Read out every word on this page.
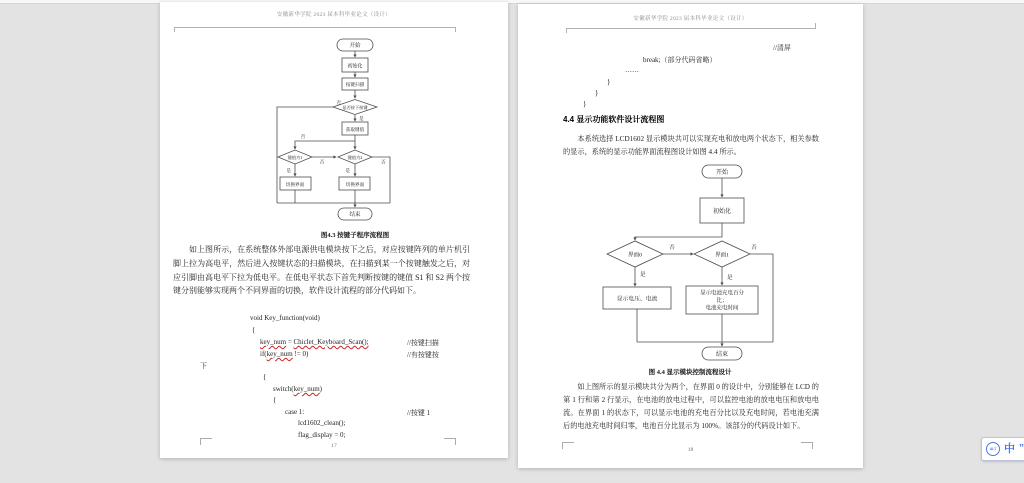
安徽新华学院 2023 届本科毕业论文（设计）
开始
初始化
按键扫描
是否按下按键
获取键值
键值为1	键值为2
切换界面	切换界面
结束
否
是
否
否	否
是	是
图4.3 按键子程序流程图
如上图所示，在系统整体外部电源供电模块按下之后，对应按键阵列的单片机引脚上拉为高电平，然后进入按键状态的扫描模块，在扫描到某一个按键触发之后，对应引脚由高电平下拉为低电平。在低电平状态下首先判断按键的键值 S1 和 S2 两个按键分别能够实现两个不同界面的切换，软件设计流程的部分代码如下。
void Key_function(void)
{
key_num = Chiclet_Keyboard_Scan();	//按键扫描
if(key_num != 0)	//有按键按
下
{
switch(key_num)
{
case 1:	//按键 1
lcd1602_clean();
flag_display = 0;
17
安徽新华学院 2023 届本科毕业论文（设计）
//清屏
break;（部分代码省略）
……
}
}
}
4.4 显示功能软件设计流程图
本系统选择 LCD1602 显示模块共可以实现充电和放电两个状态下，相关参数的显示，系统的显示功能界面流程图设计如图 4.4 所示。
开始
初始化
界面0	界面1
显示电压、电流
显示电池充电百分
比；
电池充电时间
结束
否	否
是	是
图 4.4 显示模块控制流程设计
如上图所示的显示模块共分为两个，在界面 0 的设计中，分别能够在 LCD 的第 1 行和第 2 行显示，在电池的放电过程中，可以监控电池的放电电压和放电电流。在界面 1 的状态下，可以显示电池的充电百分比以及充电时间，若电池充满后的电池充电时间归零，电池百分比显示为 100%。该部分的代码设计如下。
18	ALT 中 ”
